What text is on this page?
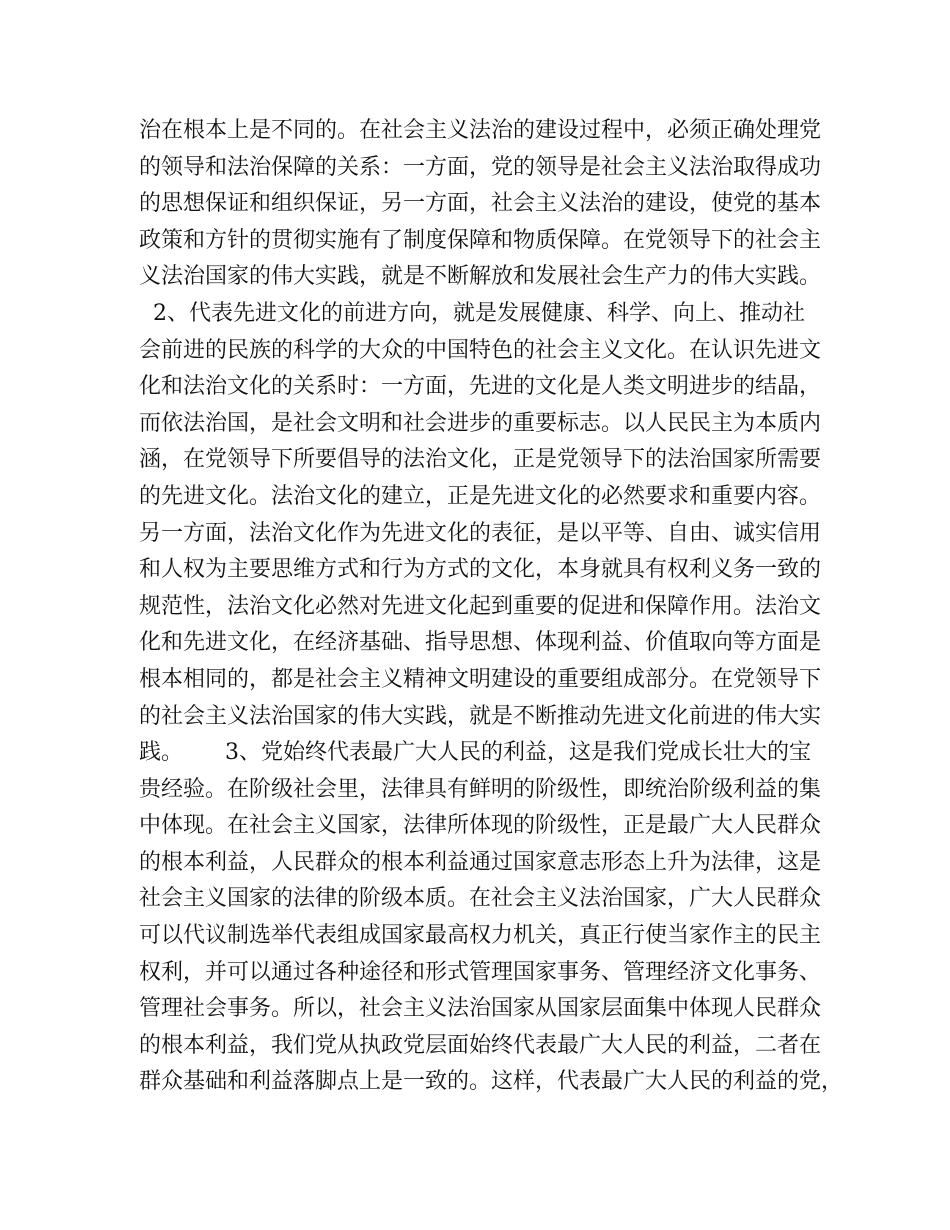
治在根本上是不同的。在社会主义法治的建设过程中，必须正确处理党
的领导和法治保障的关系：一方面，党的领导是社会主义法治取得成功
的思想保证和组织保证，另一方面，社会主义法治的建设，使党的基本
政策和方针的贯彻实施有了制度保障和物质保障。在党领导下的社会主
义法治国家的伟大实践，就是不断解放和发展社会生产力的伟大实践。
2、代表先进文化的前进方向，就是发展健康、科学、向上、推动社
会前进的民族的科学的大众的中国特色的社会主义文化。在认识先进文
化和法治文化的关系时：一方面，先进的文化是人类文明进步的结晶，
而依法治国，是社会文明和社会进步的重要标志。以人民民主为本质内
涵，在党领导下所要倡导的法治文化，正是党领导下的法治国家所需要
的先进文化。法治文化的建立，正是先进文化的必然要求和重要内容。
另一方面，法治文化作为先进文化的表征，是以平等、自由、诚实信用
和人权为主要思维方式和行为方式的文化，本身就具有权利义务一致的
规范性，法治文化必然对先进文化起到重要的促进和保障作用。法治文
化和先进文化，在经济基础、指导思想、体现利益、价值取向等方面是
根本相同的，都是社会主义精神文明建设的重要组成部分。在党领导下
的社会主义法治国家的伟大实践，就是不断推动先进文化前进的伟大实
践。      3、党始终代表最广大人民的利益，这是我们党成长壮大的宝
贵经验。在阶级社会里，法律具有鲜明的阶级性，即统治阶级利益的集
中体现。在社会主义国家，法律所体现的阶级性，正是最广大人民群众
的根本利益，人民群众的根本利益通过国家意志形态上升为法律，这是
社会主义国家的法律的阶级本质。在社会主义法治国家，广大人民群众
可以代议制选举代表组成国家最高权力机关，真正行使当家作主的民主
权利，并可以通过各种途径和形式管理国家事务、管理经济文化事务、
管理社会事务。所以，社会主义法治国家从国家层面集中体现人民群众
的根本利益，我们党从执政党层面始终代表最广大人民的利益，二者在
群众基础和利益落脚点上是一致的。这样，代表最广大人民的利益的党，
